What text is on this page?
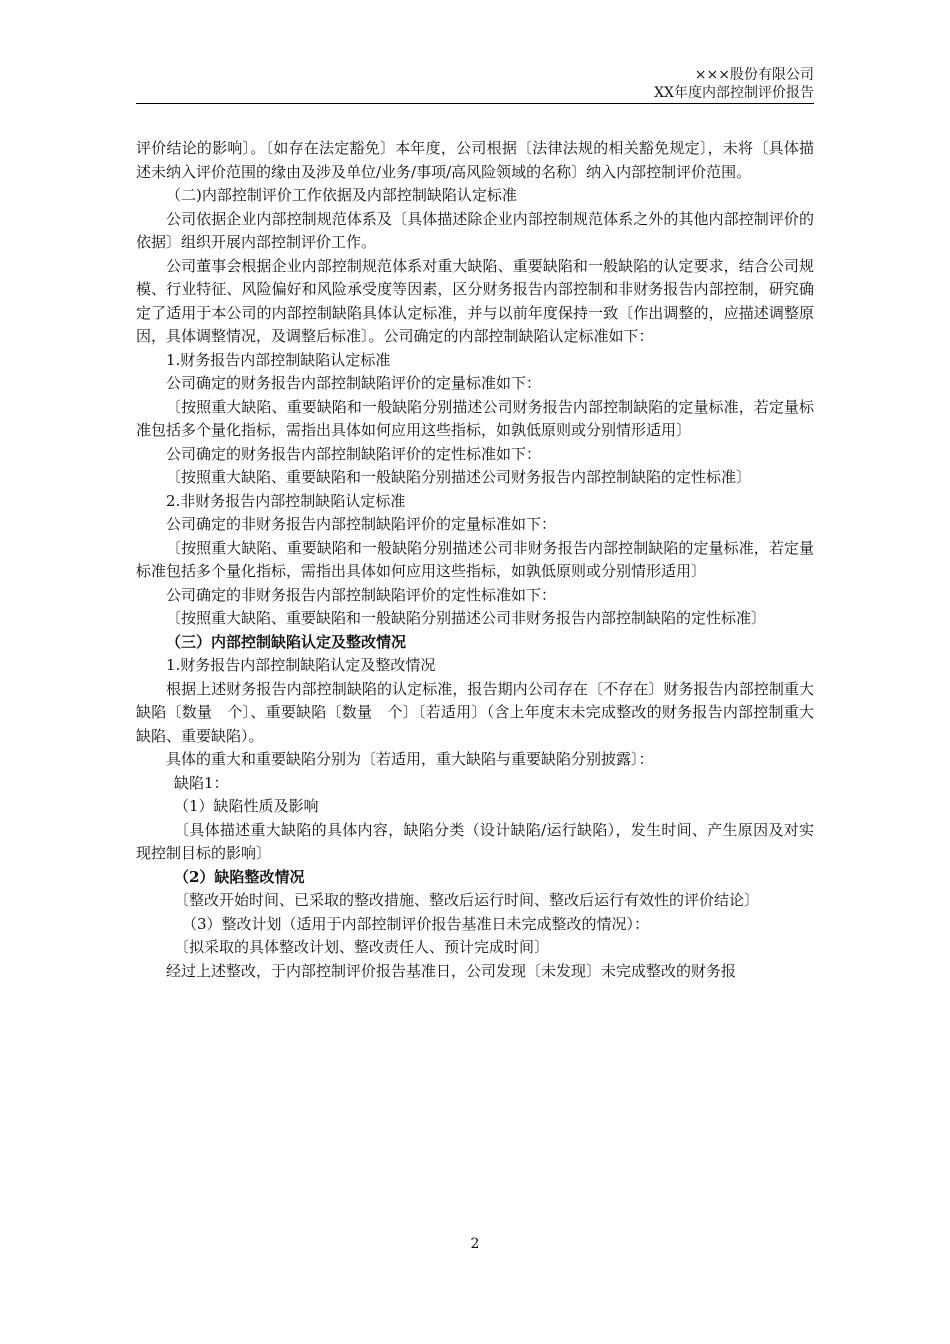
×××股份有限公司
XX年度内部控制评价报告

评价结论的影响〕。〔如存在法定豁免〕本年度，公司根据〔法律法规的相关豁免规定〕，未将〔具体描述未纳入评价范围的缘由及涉及单位/业务/事项/高风险领域的名称〕纳入内部控制评价范围。

（二)内部控制评价工作依据及内部控制缺陷认定标准

公司依据企业内部控制规范体系及〔具体描述除企业内部控制规范体系之外的其他内部控制评价的依据〕组织开展内部控制评价工作。

公司董事会根据企业内部控制规范体系对重大缺陷、重要缺陷和一般缺陷的认定要求，结合公司规模、行业特征、风险偏好和风险承受度等因素，区分财务报告内部控制和非财务报告内部控制，研究确定了适用于本公司的内部控制缺陷具体认定标准，并与以前年度保持一致〔作出调整的，应描述调整原因，具体调整情况，及调整后标准〕。公司确定的内部控制缺陷认定标准如下：

1.财务报告内部控制缺陷认定标准

公司确定的财务报告内部控制缺陷评价的定量标准如下：

〔按照重大缺陷、重要缺陷和一般缺陷分别描述公司财务报告内部控制缺陷的定量标准，若定量标准包括多个量化指标，需指出具体如何应用这些指标，如孰低原则或分别情形适用〕

公司确定的财务报告内部控制缺陷评价的定性标准如下：

〔按照重大缺陷、重要缺陷和一般缺陷分别描述公司财务报告内部控制缺陷的定性标准〕

2.非财务报告内部控制缺陷认定标准

公司确定的非财务报告内部控制缺陷评价的定量标准如下：

〔按照重大缺陷、重要缺陷和一般缺陷分别描述公司非财务报告内部控制缺陷的定量标准，若定量标准包括多个量化指标，需指出具体如何应用这些指标，如孰低原则或分别情形适用〕

公司确定的非财务报告内部控制缺陷评价的定性标准如下：

〔按照重大缺陷、重要缺陷和一般缺陷分别描述公司非财务报告内部控制缺陷的定性标准〕

（三）内部控制缺陷认定及整改情况

1.财务报告内部控制缺陷认定及整改情况

根据上述财务报告内部控制缺陷的认定标准，报告期内公司存在〔不存在〕财务报告内部控制重大缺陷〔数量　个〕、重要缺陷〔数量　个〕〔若适用〕（含上年度末未完成整改的财务报告内部控制重大缺陷、重要缺陷）。

具体的重大和重要缺陷分别为〔若适用，重大缺陷与重要缺陷分别披露〕：

缺陷1：

（1）缺陷性质及影响

〔具体描述重大缺陷的具体内容，缺陷分类（设计缺陷/运行缺陷），发生时间、产生原因及对实现控制目标的影响〕

（2）缺陷整改情况

〔整改开始时间、已采取的整改措施、整改后运行时间、整改后运行有效性的评价结论〕

（3）整改计划（适用于内部控制评价报告基准日未完成整改的情况）：

〔拟采取的具体整改计划、整改责任人、预计完成时间〕

经过上述整改，于内部控制评价报告基准日，公司发现〔未发现〕未完成整改的财务报

2
